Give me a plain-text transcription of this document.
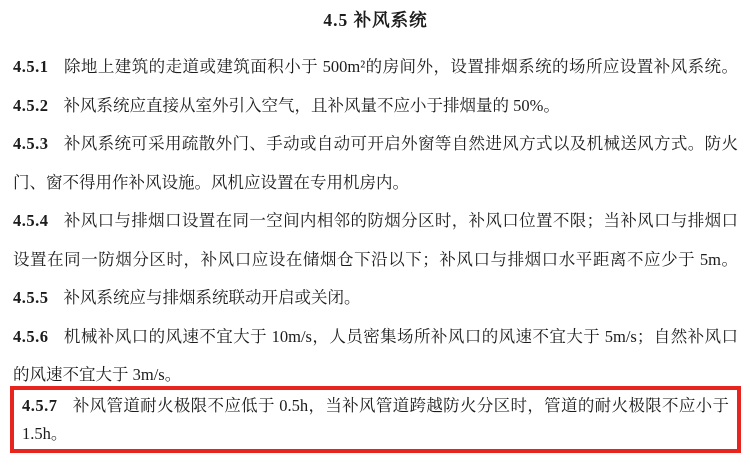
4.5 补风系统
4.5.1 除地上建筑的走道或建筑面积小于 500m²的房间外，设置排烟系统的场所应设置补风系统。
4.5.2 补风系统应直接从室外引入空气，且补风量不应小于排烟量的 50%。
4.5.3 补风系统可采用疏散外门、手动或自动可开启外窗等自然进风方式以及机械送风方式。防火
门、窗不得用作补风设施。风机应设置在专用机房内。
4.5.4 补风口与排烟口设置在同一空间内相邻的防烟分区时，补风口位置不限；当补风口与排烟口
设置在同一防烟分区时，补风口应设在储烟仓下沿以下；补风口与排烟口水平距离不应少于 5m。
4.5.5 补风系统应与排烟系统联动开启或关闭。
4.5.6 机械补风口的风速不宜大于 10m/s，人员密集场所补风口的风速不宜大于 5m/s；自然补风口
的风速不宜大于 3m/s。
4.5.7 补风管道耐火极限不应低于 0.5h，当补风管道跨越防火分区时，管道的耐火极限不应小于
1.5h。
